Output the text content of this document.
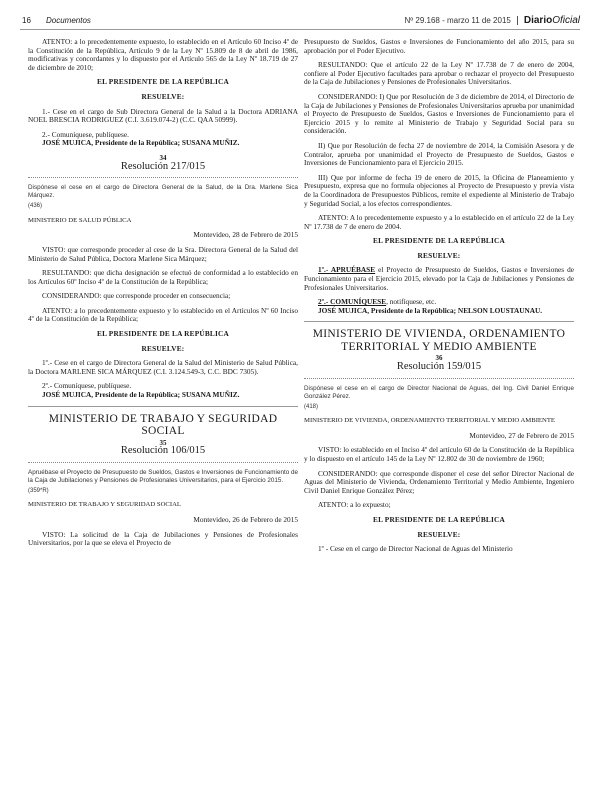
16	Documentos	Nº 29.168 - marzo 11 de 2015 DiarioOficial

ATENTO: a lo precedentemente expuesto, lo establecido en el Artículo 60 Inciso 4º de la Constitución de la República, Artículo 9 de la Ley Nº 15.809 de 8 de abril de 1986, modificativas y concordantes y lo dispuesto por el Artículo 565 de la Ley Nº 18.719 de 27 de diciembre de 2010;

EL PRESIDENTE DE LA REPÚBLICA
RESUELVE:

1.- Cese en el cargo de Sub Directora General de la Salud a la Doctora ADRIANA NOEL BRESCIA RODRIGUEZ (C.I. 3.619.074-2) (C.C. QAA 50999).

2.- Comuníquese, publíquese.

JOSÉ MUJICA, Presidente de la República; SUSANA MUÑIZ.

34
Resolución 217/015
Dispónese el cese en el cargo de Directora General de la Salud, de la Dra. Marlene Sica Márquez.
(436)
MINISTERIO DE SALUD PÚBLICA
Montevideo, 28 de Febrero de 2015

VISTO: que corresponde proceder al cese de la Sra. Directora General de la Salud del Ministerio de Salud Pública, Doctora Marlene Sica Márquez;

RESULTANDO: que dicha designación se efectuó de conformidad a lo establecido en los Artículos 60º Inciso 4º de la Constitución de la República;

CONSIDERANDO: que corresponde proceder en consecuencia;

ATENTO: a lo precedentemente expuesto y lo establecido en el Artículos Nº 60 Inciso 4º de la Constitución de la República;

EL PRESIDENTE DE LA REPÚBLICA
RESUELVE:

1º.- Cese en el cargo de Directora General de la Salud del Ministerio de Salud Pública, la Doctora MARLENE SICA MÁRQUEZ (C.I. 3.124.549-3, C.C. BDC 7305).

2º.- Comuníquese, publíquese.

JOSÉ MUJICA, Presidente de la República; SUSANA MUÑIZ.

MINISTERIO DE TRABAJO Y SEGURIDAD SOCIAL
35
Resolución 106/015
Apruébase el Proyecto de Presupuesto de Sueldos, Gastos e Inversiones de Funcionamiento de la Caja de Jubilaciones y Pensiones de Profesionales Universitarios, para el Ejercicio 2015.
(359*R)
MINISTERIO DE TRABAJO Y SEGURIDAD SOCIAL
Montevideo, 26 de Febrero de 2015

VISTO: La solicitud de la Caja de Jubilaciones y Pensiones de Profesionales Universitarios, por la que se eleva el Proyecto de

Presupuesto de Sueldos, Gastos e Inversiones de Funcionamiento del año 2015, para su aprobación por el Poder Ejecutivo.

RESULTANDO: Que el artículo 22 de la Ley Nº 17.738 de 7 de enero de 2004, confiere al Poder Ejecutivo facultades para aprobar o rechazar el proyecto del Presupuesto de la Caja de Jubilaciones y Pensiones de Profesionales Universitarios.

CONSIDERANDO: I) Que por Resolución de 3 de diciembre de 2014, el Directorio de la Caja de Jubilaciones y Pensiones de Profesionales Universitarios aprueba por unanimidad el Proyecto de Presupuesto de Sueldos, Gastos e Inversiones de Funcionamiento para el Ejercicio 2015 y lo remite al Ministerio de Trabajo y Seguridad Social para su consideración.

II) Que por Resolución de fecha 27 de noviembre de 2014, la Comisión Asesora y de Contralor, aprueba por unanimidad el Proyecto de Presupuesto de Sueldos, Gastos e Inversiones de Funcionamiento para el Ejercicio 2015.

III) Que por informe de fecha 19 de enero de 2015, la Oficina de Planeamiento y Presupuesto, expresa que no formula objeciones al Proyecto de Presupuesto y previa vista de la Coordinadora de Presupuestos Públicos, remite el expediente al Ministerio de Trabajo y Seguridad Social, a los efectos correspondientes.

ATENTO: A lo precedentemente expuesto y a lo establecido en el artículo 22 de la Ley Nº 17.738 de 7 de enero de 2004.

EL PRESIDENTE DE LA REPÚBLICA
RESUELVE:

1º.- APRUÉBASE el Proyecto de Presupuesto de Sueldos, Gastos e Inversiones de Funcionamiento para el Ejercicio 2015, elevado por la Caja de Jubilaciones y Pensiones de Profesionales Universitarios.

2º.- COMUNÍQUESE, notifíquese, etc.

JOSÉ MUJICA, Presidente de la República; NELSON LOUSTAUNAU.

MINISTERIO DE VIVIENDA, ORDENAMIENTO TERRITORIAL Y MEDIO AMBIENTE
36
Resolución 159/015
Dispónese el cese en el cargo de Director Nacional de Aguas, del Ing. Civil Daniel Enrique González Pérez.
(418)
MINISTERIO DE VIVIENDA, ORDENAMIENTO TERRITORIAL Y MEDIO AMBIENTE
Montevideo, 27 de Febrero de 2015

VISTO: lo establecido en el Inciso 4º del artículo 60 de la Constitución de la República y lo dispuesto en el artículo 145 de la Ley Nº 12.802 de 30 de noviembre de 1960;

CONSIDERANDO: que corresponde disponer el cese del señor Director Nacional de Aguas del Ministerio de Vivienda, Ordenamiento Territorial y Medio Ambiente, Ingeniero Civil Daniel Enrique González Pérez;

ATENTO: a lo expuesto;

EL PRESIDENTE DE LA REPÚBLICA
RESUELVE:

1º - Cese en el cargo de Director Nacional de Aguas del Ministerio
